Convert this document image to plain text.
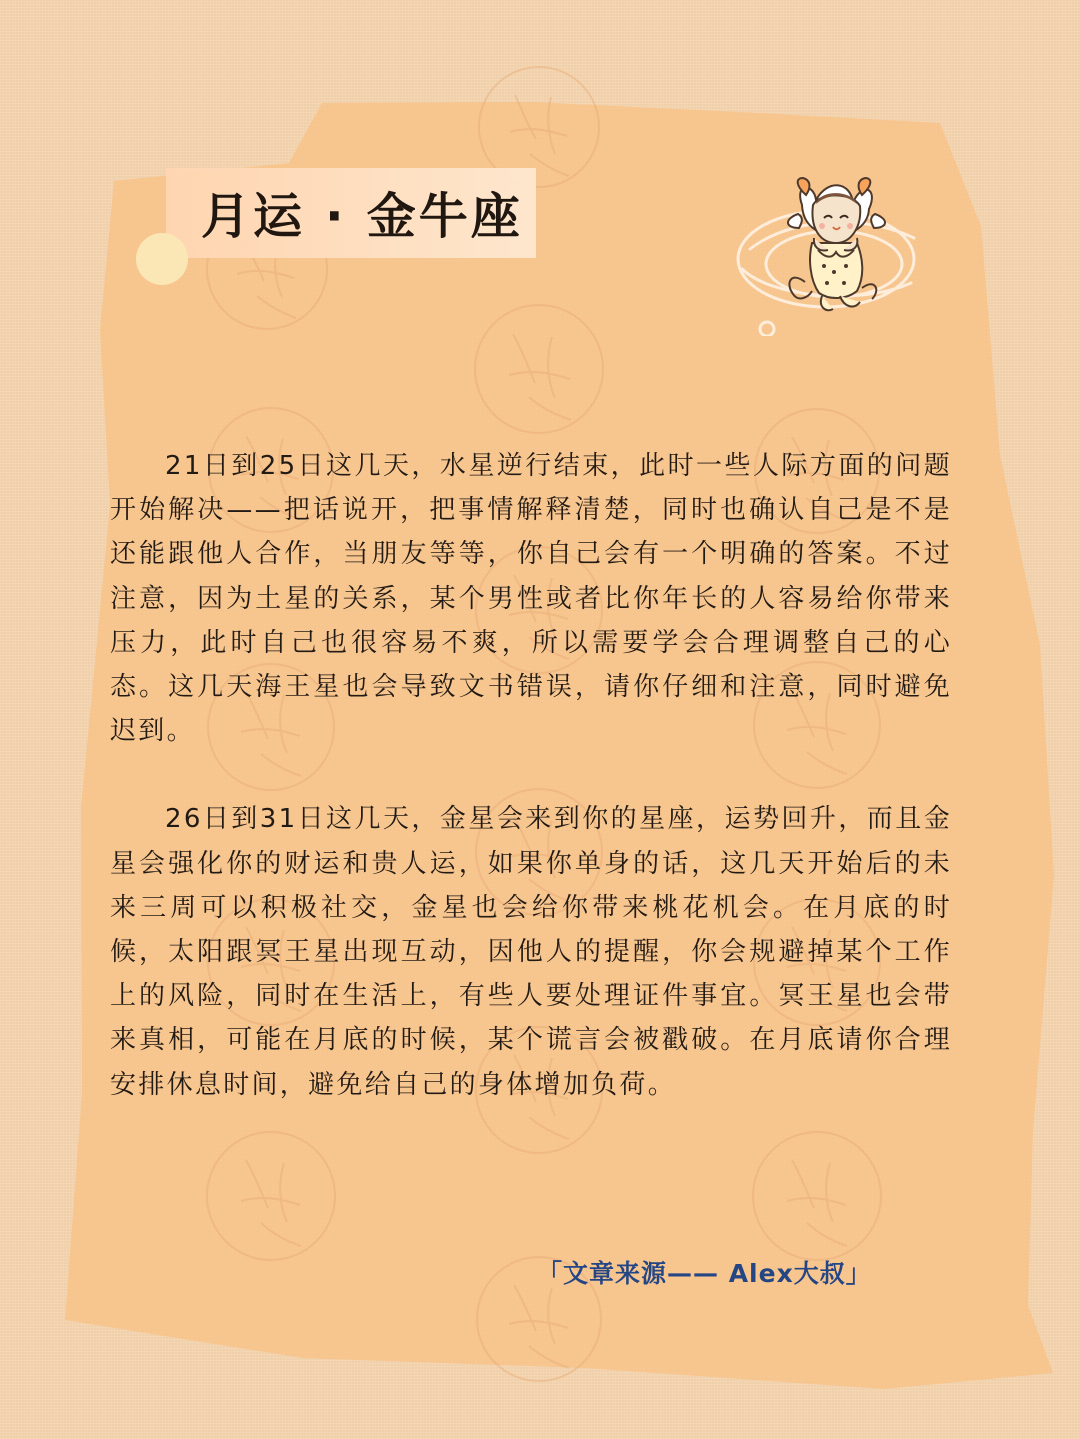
月运 · 金牛座

21日到25日这几天，水星逆行结束，此时一些人际方面的问题开始解决——把话说开，把事情解释清楚，同时也确认自己是不是还能跟他人合作，当朋友等等，你自己会有一个明确的答案。不过注意，因为土星的关系，某个男性或者比你年长的人容易给你带来压力，此时自己也很容易不爽，所以需要学会合理调整自己的心态。这几天海王星也会导致文书错误，请你仔细和注意，同时避免迟到。

26日到31日这几天，金星会来到你的星座，运势回升，而且金星会强化你的财运和贵人运，如果你单身的话，这几天开始后的未来三周可以积极社交，金星也会给你带来桃花机会。在月底的时候，太阳跟冥王星出现互动，因他人的提醒，你会规避掉某个工作上的风险，同时在生活上，有些人要处理证件事宜。冥王星也会带来真相，可能在月底的时候，某个谎言会被戳破。在月底请你合理安排休息时间，避免给自己的身体增加负荷。

「文章来源—— Alex大叔」
